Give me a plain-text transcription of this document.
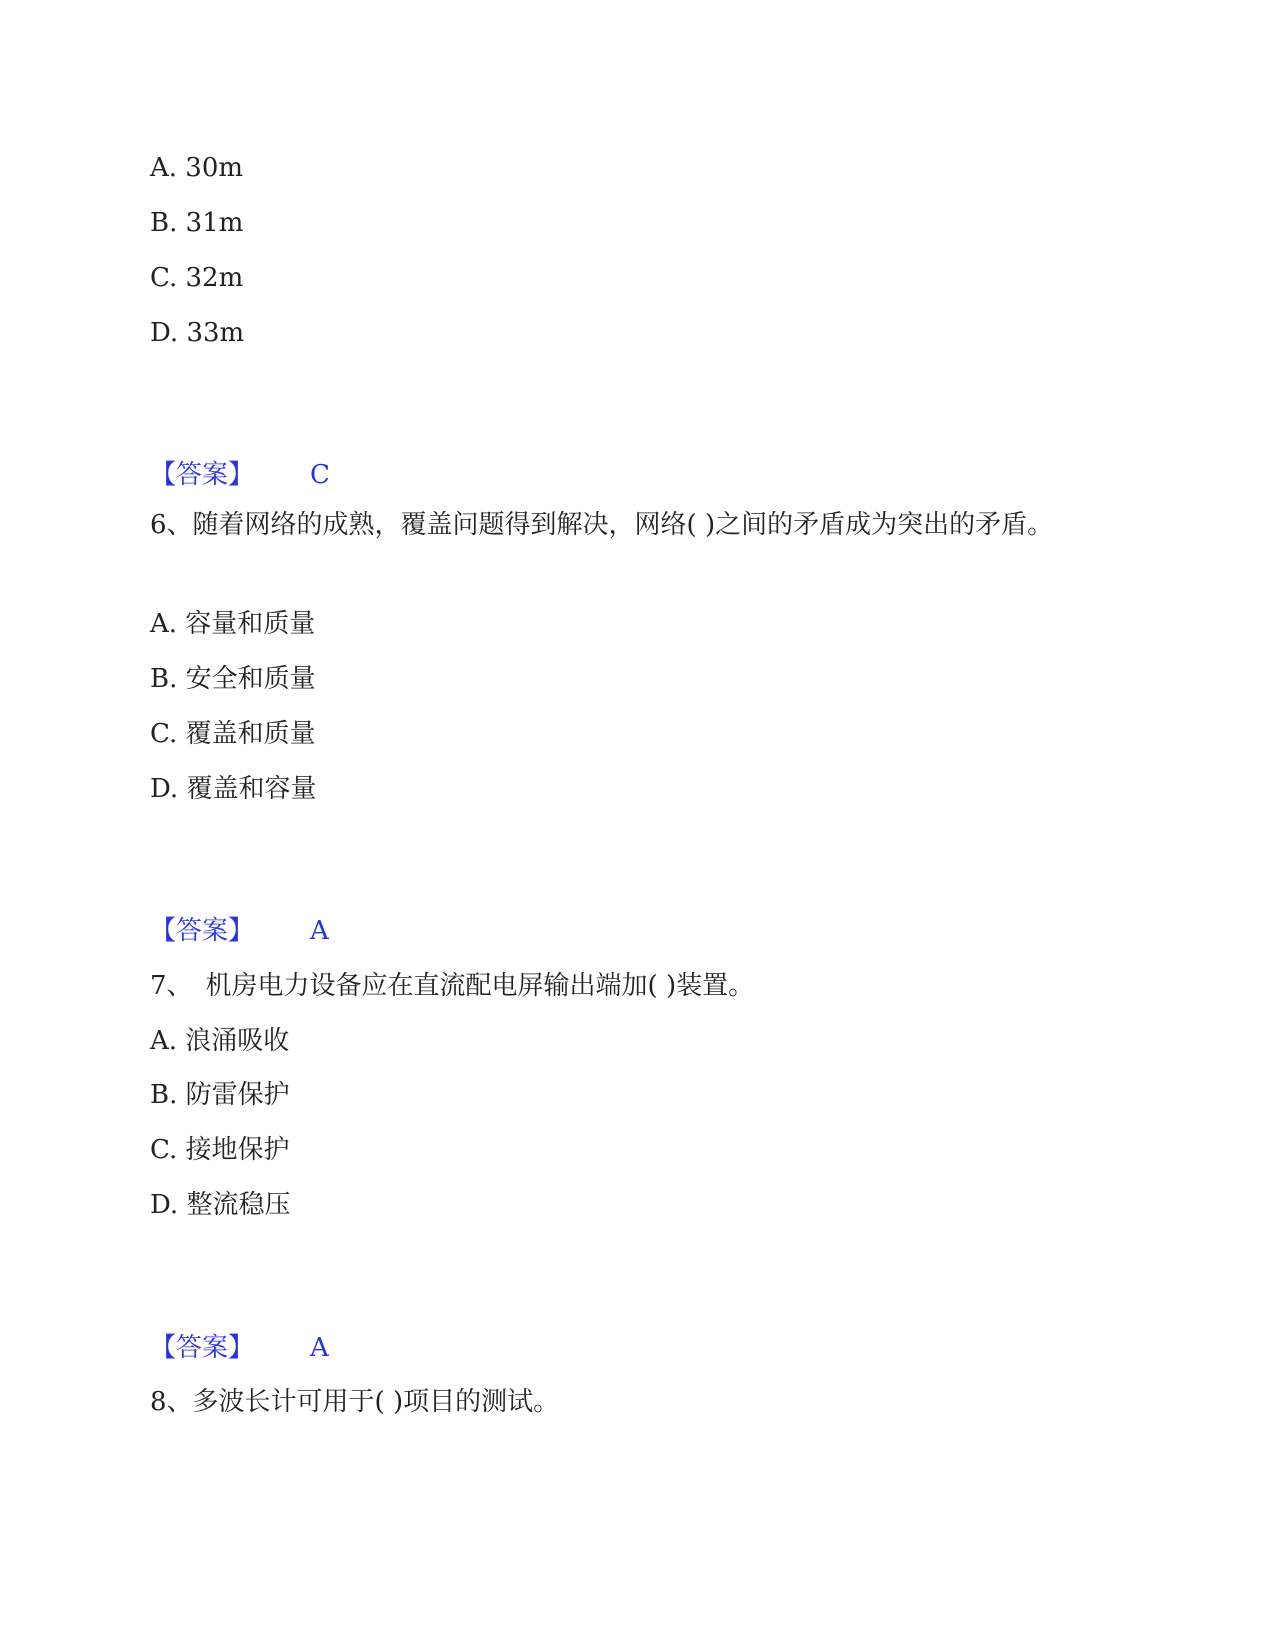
A. 30m
B. 31m
C. 32m
D. 33m
【答案】 C
6、随着网络的成熟，覆盖问题得到解决，网络( )之间的矛盾成为突出的矛盾。
A. 容量和质量
B. 安全和质量
C. 覆盖和质量
D. 覆盖和容量
【答案】 A
7、　机房电力设备应在直流配电屏输出端加( )装置。
A. 浪涌吸收
B. 防雷保护
C. 接地保护
D. 整流稳压
【答案】 A
8、多波长计可用于( )项目的测试。
